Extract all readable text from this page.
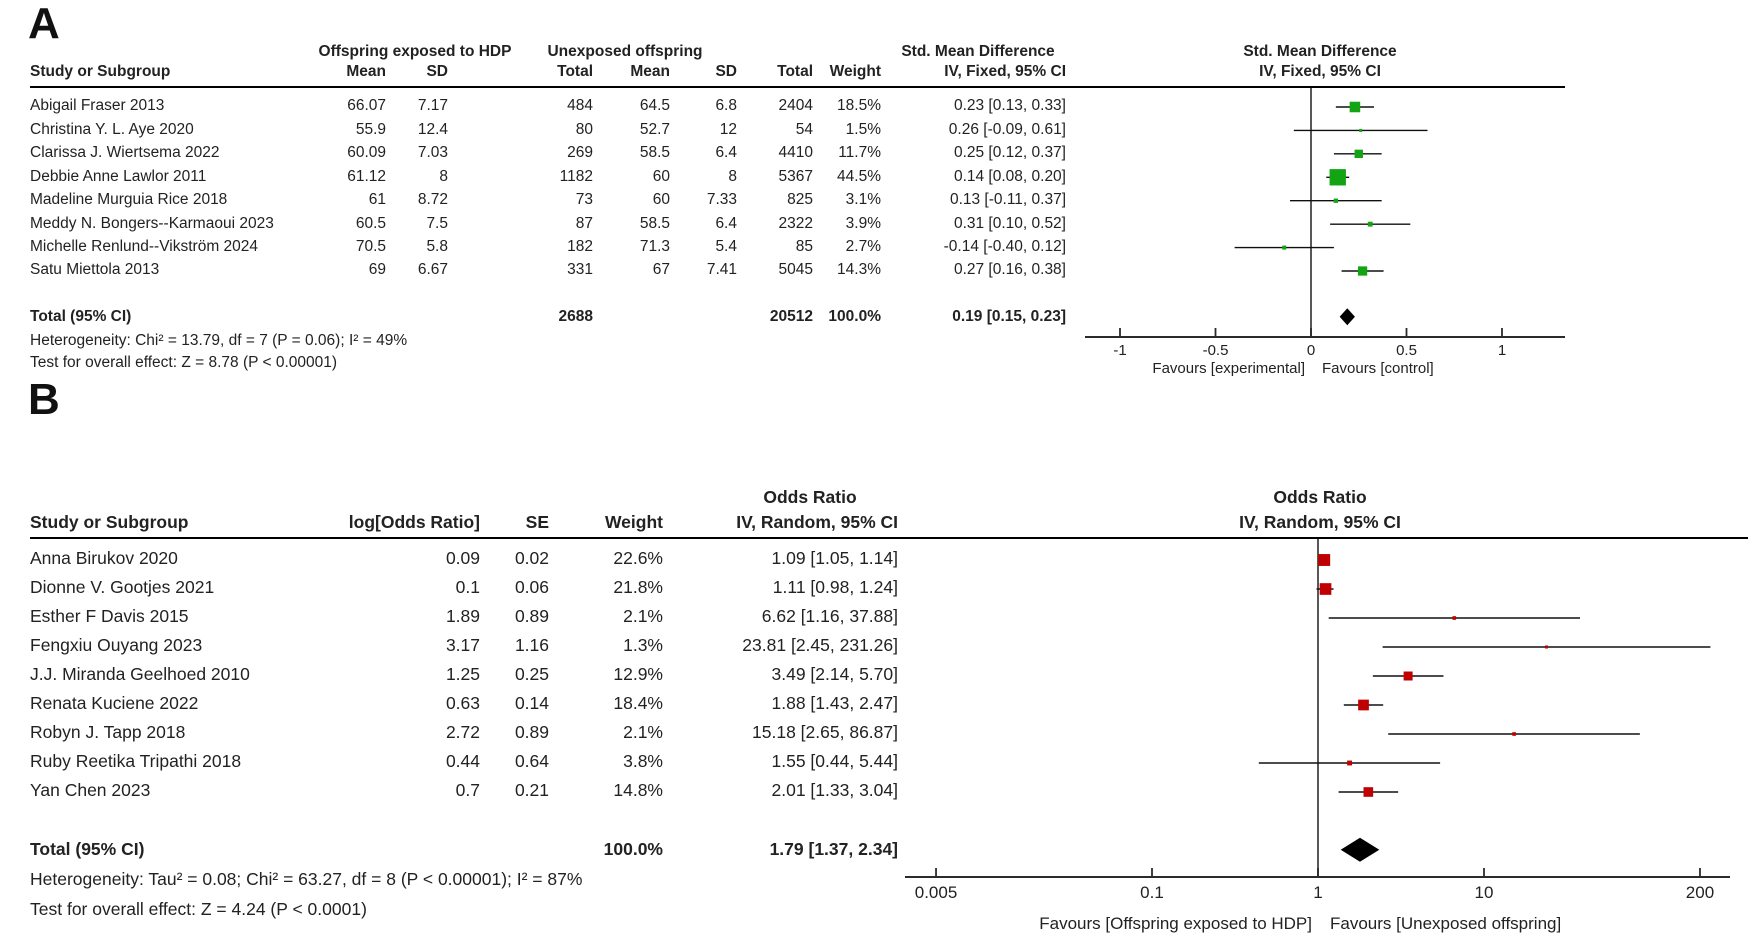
A
B
Offspring exposed to HDP Unexposed offspring	Std. Mean Difference	Std. Mean Difference
Study or Subgroup	Mean	SD	Total Mean	SD	Total Weight	IV, Fixed, 95% CI	IV, Fixed, 95% CI
-1	-0.5	0	0.5	1
Favours [experimental] Favours [control]
Abigail Fraser 2013	66.07 7.17	484	64.5	6.8	2404 18.5%	0.23 [0.13, 0.33]
Christina Y. L. Aye 2020	55.9 12.4	80	52.7	12	54 1.5%	0.26 [-0.09, 0.61]
Clarissa J. Wiertsema 2022	60.09 7.03	269	58.5	6.4	4410 11.7%	0.25 [0.12, 0.37]
Debbie Anne Lawlor 2011	61.12	8	1182	60	8	5367 44.5%	0.14 [0.08, 0.20]
Madeline Murguia Rice 2018	61 8.72	73	60 7.33	825 3.1%	0.13 [-0.11, 0.37]
Meddy N. Bongers--Karmaoui 2023	60.5	7.5	87	58.5	6.4	2322 3.9%	0.31 [0.10, 0.52]
Michelle Renlund--Vikström 2024	70.5	5.8	182	71.3	5.4	85 2.7%	-0.14 [-0.40, 0.12]
Satu Miettola 2013	69 6.67	331	67 7.41	5045 14.3%	0.27 [0.16, 0.38]
Total (95% CI)	2688	20512 100.0%	0.19 [0.15, 0.23]
Heterogeneity: Chi² = 13.79, df = 7 (P = 0.06); I² = 49%
Test for overall effect: Z = 8.78 (P < 0.00001)
Odds Ratio	Odds Ratio
Study or Subgroup	log[Odds Ratio]	SE	Weight	IV, Random, 95% CI	IV, Random, 95% CI
0.005	0.1	1	10	200
Favours [Offspring exposed to HDP] Favours [Unexposed offspring]
Anna Birukov 2020	0.09 0.02	22.6%	1.09 [1.05, 1.14]
Dionne V. Gootjes 2021	0.1 0.06	21.8%	1.11 [0.98, 1.24]
Esther F Davis 2015	1.89 0.89	2.1%	6.62 [1.16, 37.88]
Fengxiu Ouyang 2023	3.17 1.16	1.3%	23.81 [2.45, 231.26]
J.J. Miranda Geelhoed 2010	1.25 0.25	12.9%	3.49 [2.14, 5.70]
Renata Kuciene 2022	0.63 0.14	18.4%	1.88 [1.43, 2.47]
Robyn J. Tapp 2018	2.72 0.89	2.1%	15.18 [2.65, 86.87]
Ruby Reetika Tripathi 2018	0.44 0.64	3.8%	1.55 [0.44, 5.44]
Yan Chen 2023	0.7 0.21	14.8%	2.01 [1.33, 3.04]
Total (95% CI)	100.0%	1.79 [1.37, 2.34]
Heterogeneity: Tau² = 0.08; Chi² = 63.27, df = 8 (P < 0.00001); I² = 87%
Test for overall effect: Z = 4.24 (P < 0.0001)
